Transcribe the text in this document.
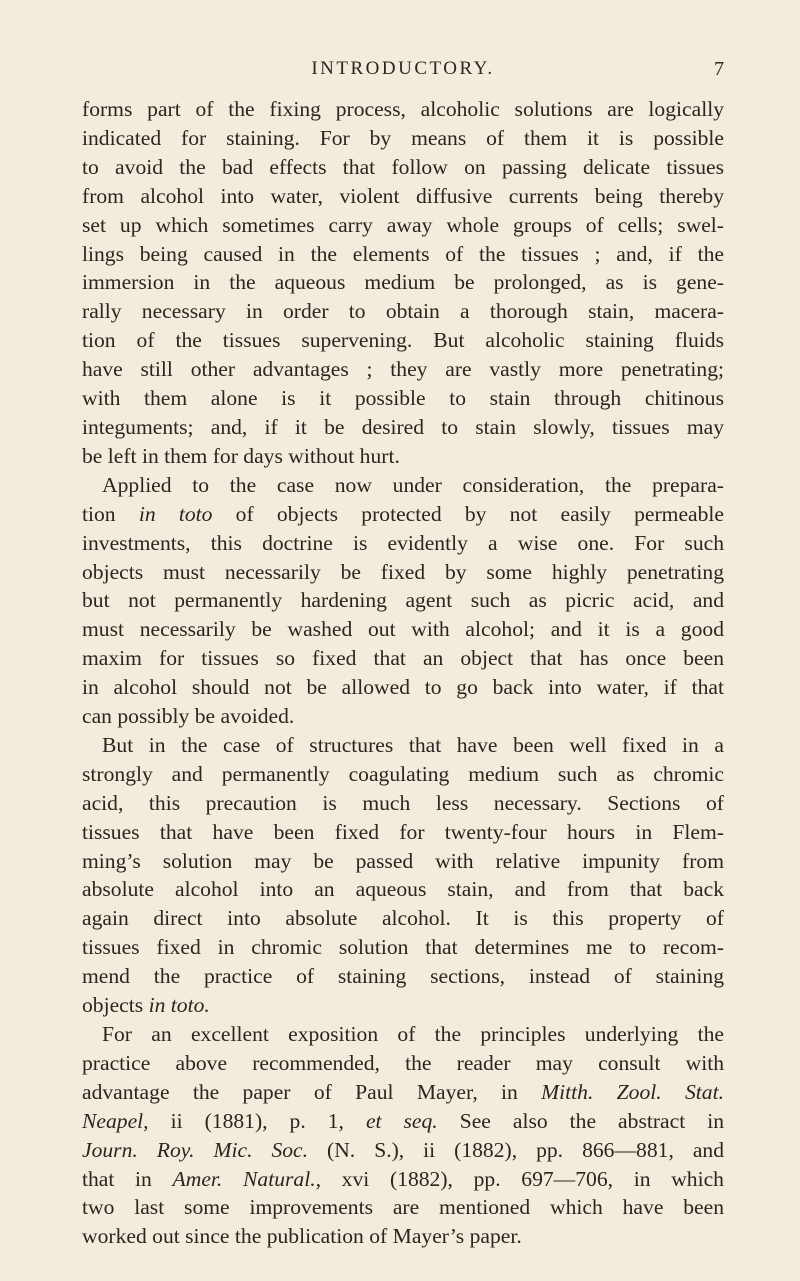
INTRODUCTORY.	7
forms part of the fixing process, alcoholic solutions are logically
indicated for staining. For by means of them it is possible
to avoid the bad effects that follow on passing delicate tissues
from alcohol into water, violent diffusive currents being thereby
set up which sometimes carry away whole groups of cells; swel-
lings being caused in the elements of the tissues ; and, if the
immersion in the aqueous medium be prolonged, as is gene-
rally necessary in order to obtain a thorough stain, macera-
tion of the tissues supervening. But alcoholic staining fluids
have still other advantages ; they are vastly more penetrating;
with them alone is it possible to stain through chitinous
integuments; and, if it be desired to stain slowly, tissues may
be left in them for days without hurt.
Applied to the case now under consideration, the prepara-
tion in toto of objects protected by not easily permeable
investments, this doctrine is evidently a wise one. For such
objects must necessarily be fixed by some highly penetrating
but not permanently hardening agent such as picric acid, and
must necessarily be washed out with alcohol; and it is a good
maxim for tissues so fixed that an object that has once been
in alcohol should not be allowed to go back into water, if that
can possibly be avoided.
But in the case of structures that have been well fixed in a
strongly and permanently coagulating medium such as chromic
acid, this precaution is much less necessary. Sections of
tissues that have been fixed for twenty-four hours in Flem-
ming’s solution may be passed with relative impunity from
absolute alcohol into an aqueous stain, and from that back
again direct into absolute alcohol. It is this property of
tissues fixed in chromic solution that determines me to recom-
mend the practice of staining sections, instead of staining
objects in toto.
For an excellent exposition of the principles underlying the
practice above recommended, the reader may consult with
advantage the paper of Paul Mayer, in Mitth. Zool. Stat.
Neapel, ii (1881), p. 1, et seq. See also the abstract in
Journ. Roy. Mic. Soc. (N. S.), ii (1882), pp. 866—881, and
that in Amer. Natural., xvi (1882), pp. 697—706, in which
two last some improvements are mentioned which have been
worked out since the publication of Mayer’s paper.
